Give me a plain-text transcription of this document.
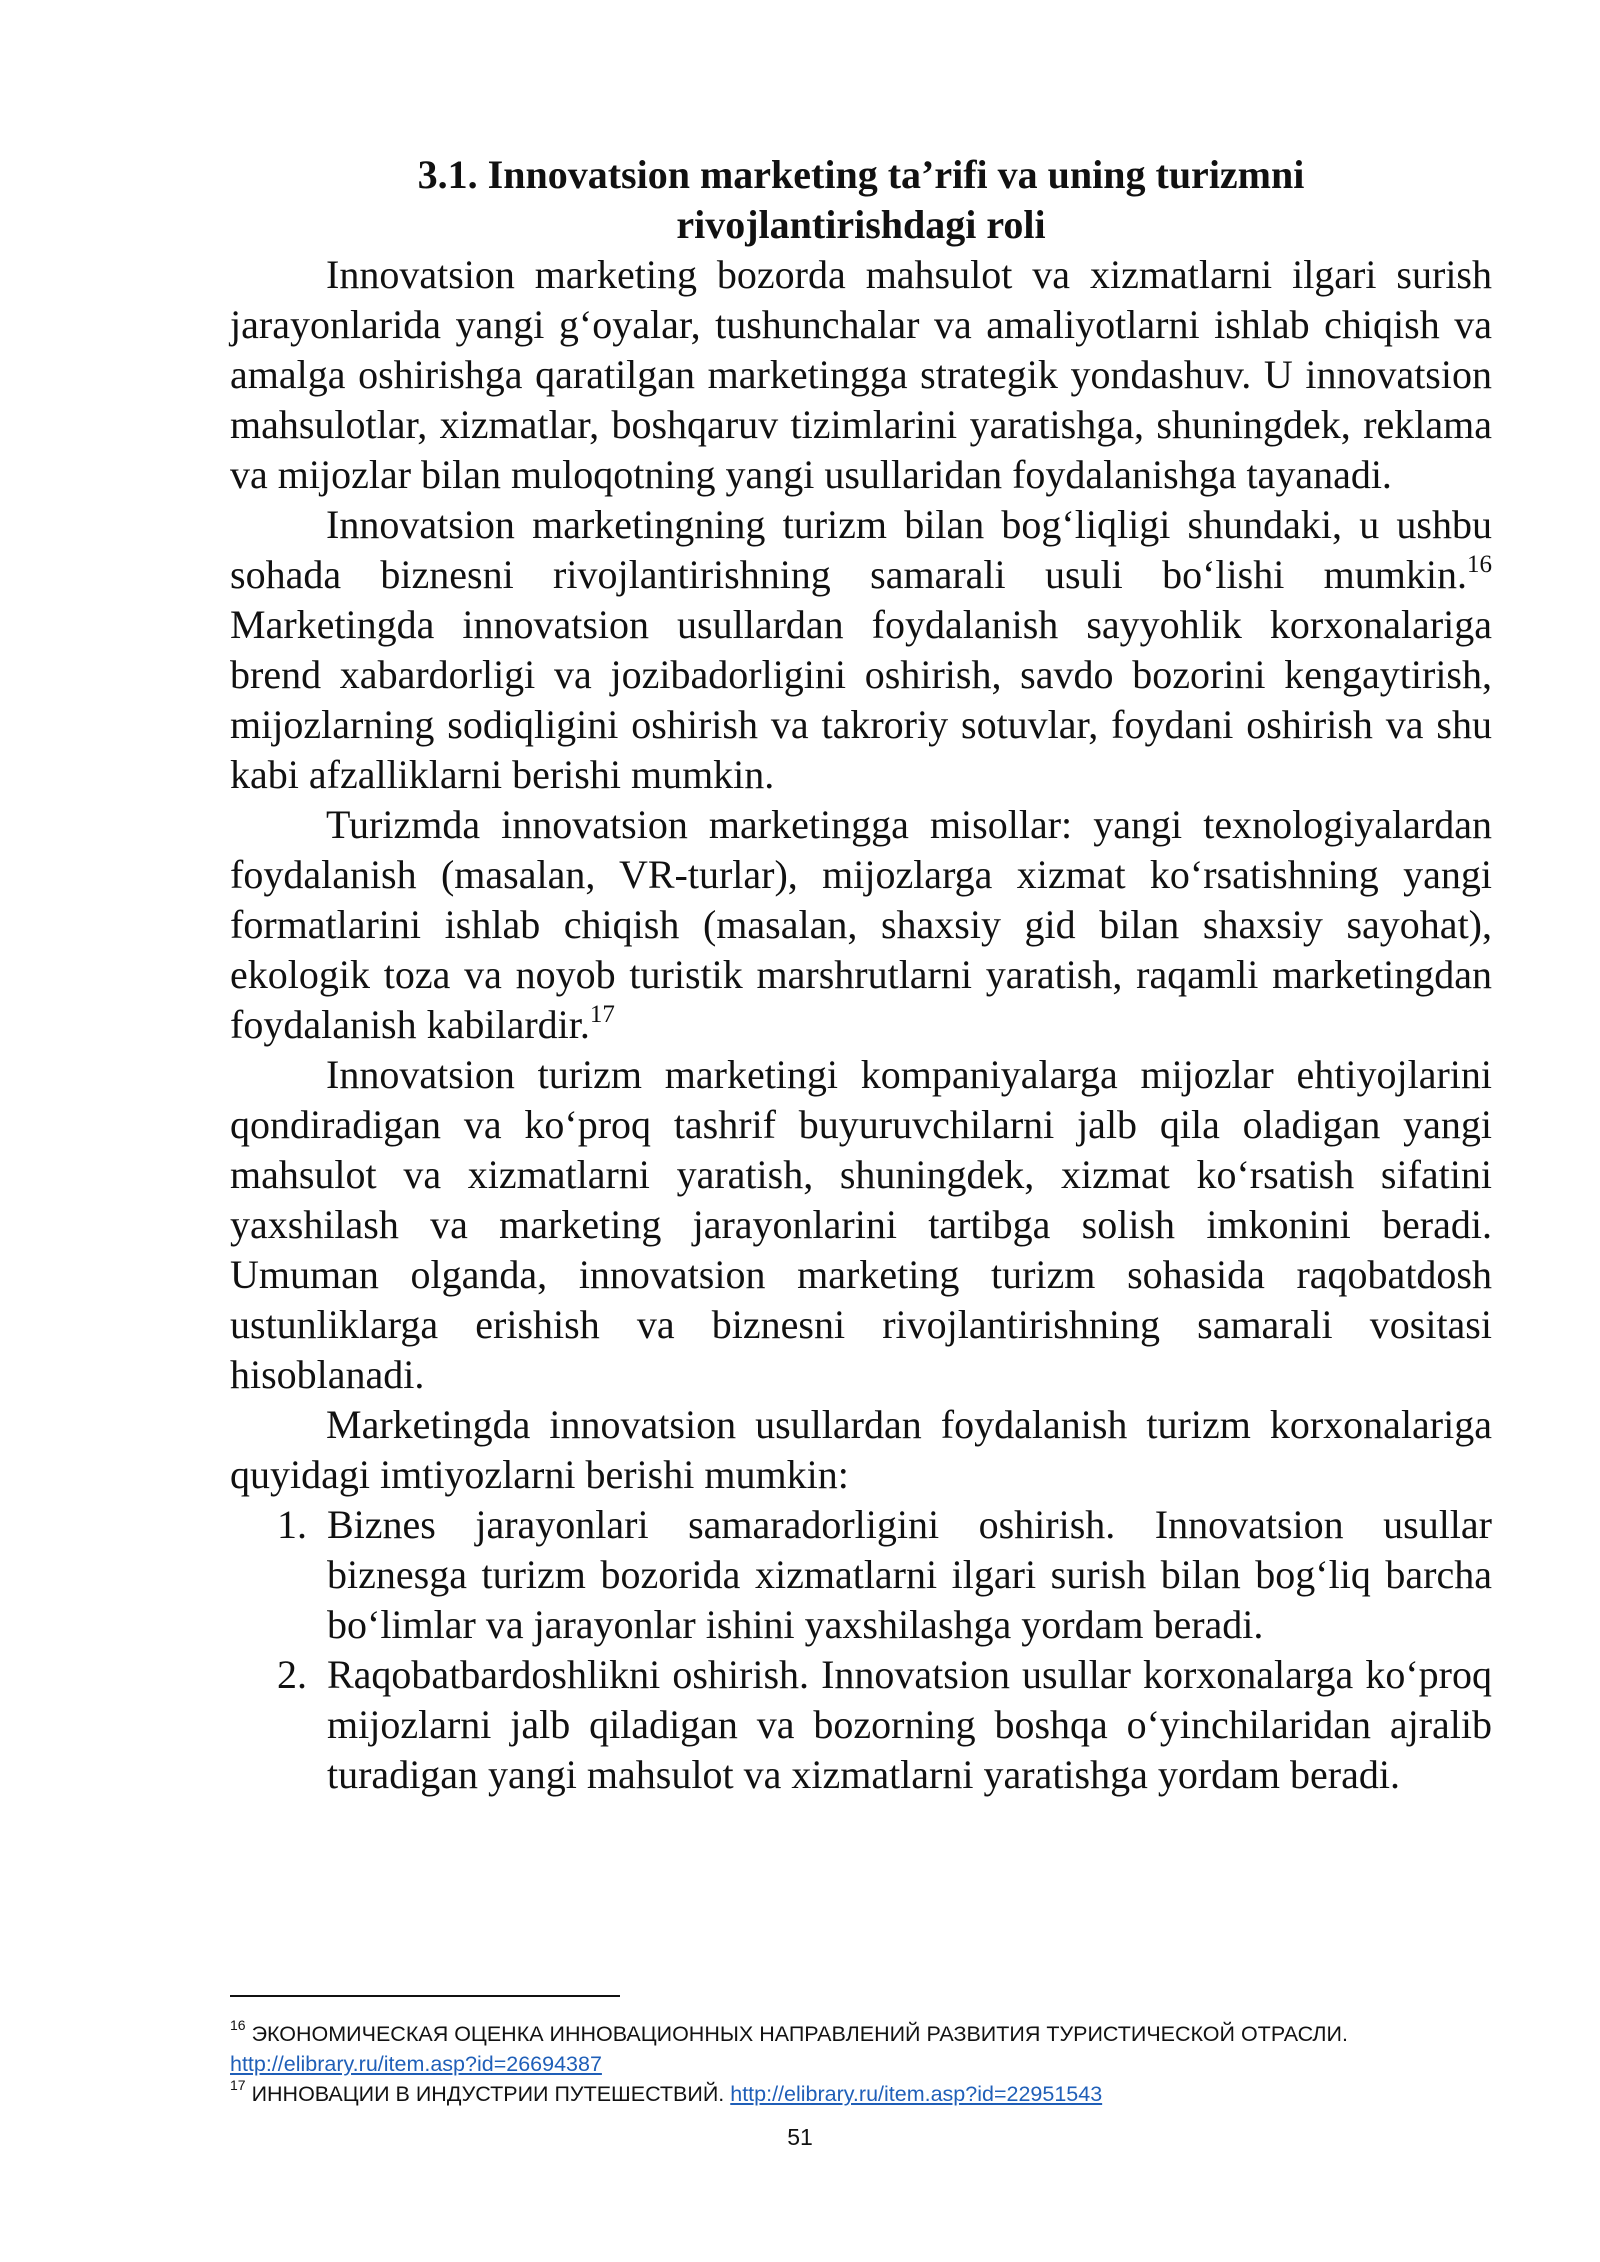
3.1. Innovatsion marketing ta’rifi va uning turizmni
rivojlantirishdagi roli

Innovatsion marketing bozorda mahsulot va xizmatlarni ilgari surish jarayonlarida yangi g‘oyalar, tushunchalar va amaliyotlarni ishlab chiqish va amalga oshirishga qaratilgan marketingga strategik yondashuv. U innovatsion mahsulotlar, xizmatlar, boshqaruv tizimlarini yaratishga, shuningdek, reklama va mijozlar bilan muloqotning yangi usullaridan foydalanishga tayanadi.

Innovatsion marketingning turizm bilan bog‘liqligi shundaki, u ushbu sohada biznesni rivojlantirishning samarali usuli bo‘lishi mumkin.$^{16}$ Marketingda innovatsion usullardan foydalanish sayyohlik korxonalariga brend xabardorligi va jozibadorligini oshirish, savdo bozorini kengaytirish, mijozlarning sodiqligini oshirish va takroriy sotuvlar, foydani oshirish va shu kabi afzalliklarni berishi mumkin.

Turizmda innovatsion marketingga misollar: yangi texnologiyalardan foydalanish (masalan, VR-turlar), mijozlarga xizmat ko‘rsatishning yangi formatlarini ishlab chiqish (masalan, shaxsiy gid bilan shaxsiy sayohat), ekologik toza va noyob turistik marshrutlarni yaratish, raqamli marketingdan foydalanish kabilardir.$^{17}$

Innovatsion turizm marketingi kompaniyalarga mijozlar ehtiyojlarini qondiradigan va ko‘proq tashrif buyuruvchilarni jalb qila oladigan yangi mahsulot va xizmatlarni yaratish, shuningdek, xizmat ko‘rsatish sifatini yaxshilash va marketing jarayonlarini tartibga solish imkonini beradi. Umuman olganda, innovatsion marketing turizm sohasida raqobatdosh ustunliklarga erishish va biznesni rivojlantirishning samarali vositasi hisoblanadi.

Marketingda innovatsion usullardan foydalanish turizm korxonalariga quyidagi imtiyozlarni berishi mumkin:

1. Biznes jarayonlari samaradorligini oshirish. Innovatsion usullar biznesga turizm bozorida xizmatlarni ilgari surish bilan bog‘liq barcha bo‘limlar va jarayonlar ishini yaxshilashga yordam beradi.
2. Raqobatbardoshlikni oshirish. Innovatsion usullar korxonalarga ko‘proq mijozlarni jalb qiladigan va bozorning boshqa o‘yinchilaridan ajralib turadigan yangi mahsulot va xizmatlarni yaratishga yordam beradi.
$^{16}$ ЭКОНОМИЧЕСКАЯ ОЦЕНКА ИННОВАЦИОННЫХ НАПРАВЛЕНИЙ РАЗВИТИЯ ТУРИСТИЧЕСКОЙ ОТРАСЛИ.
http://elibrary.ru/item.asp?id=26694387
$^{17}$ ИННОВАЦИИ В ИНДУСТРИИ ПУТЕШЕСТВИЙ. http://elibrary.ru/item.asp?id=22951543
51
